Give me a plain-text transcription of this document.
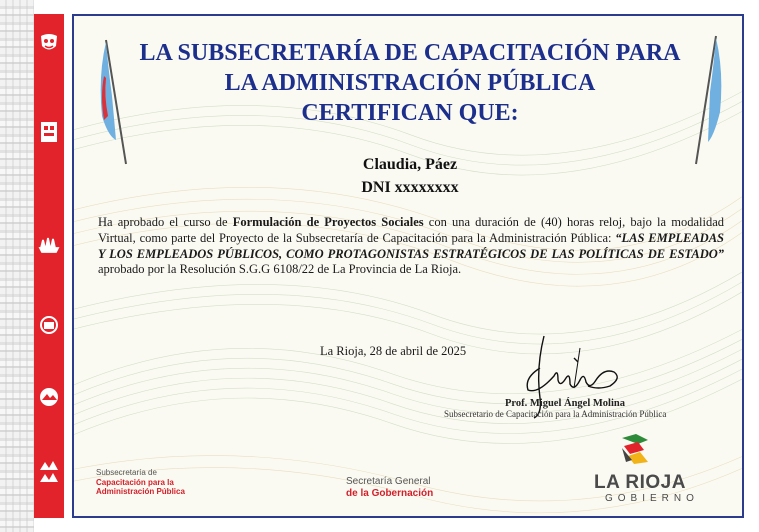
LA SUBSECRETARÍA DE CAPACITACIÓN PARA
LA ADMINISTRACIÓN PÚBLICA
CERTIFICAN QUE:
Claudia, Páez
DNI xxxxxxxx
Ha aprobado el curso de Formulación de Proyectos Sociales con una duración de (40) horas reloj, bajo la modalidad Virtual, como parte del Proyecto de la Subsecretaría de Capacitación para la Administración Pública: “LAS EMPLEADAS Y LOS EMPLEADOS PÚBLICOS, COMO PROTAGONISTAS ESTRATÉGICOS DE LAS POLÍTICAS DE ESTADO” aprobado por la Resolución S.G.G 6108/22 de La Provincia de La Rioja.
La Rioja, 28 de abril de 2025
Prof. Miguel Ángel Molina
Subsecretario de Capacitación para la Administración Pública
Subsecretaría de
Capacitación para la
Administración Pública
Secretaría General
de la Gobernación
LA RIOJA
GOBIERNO
